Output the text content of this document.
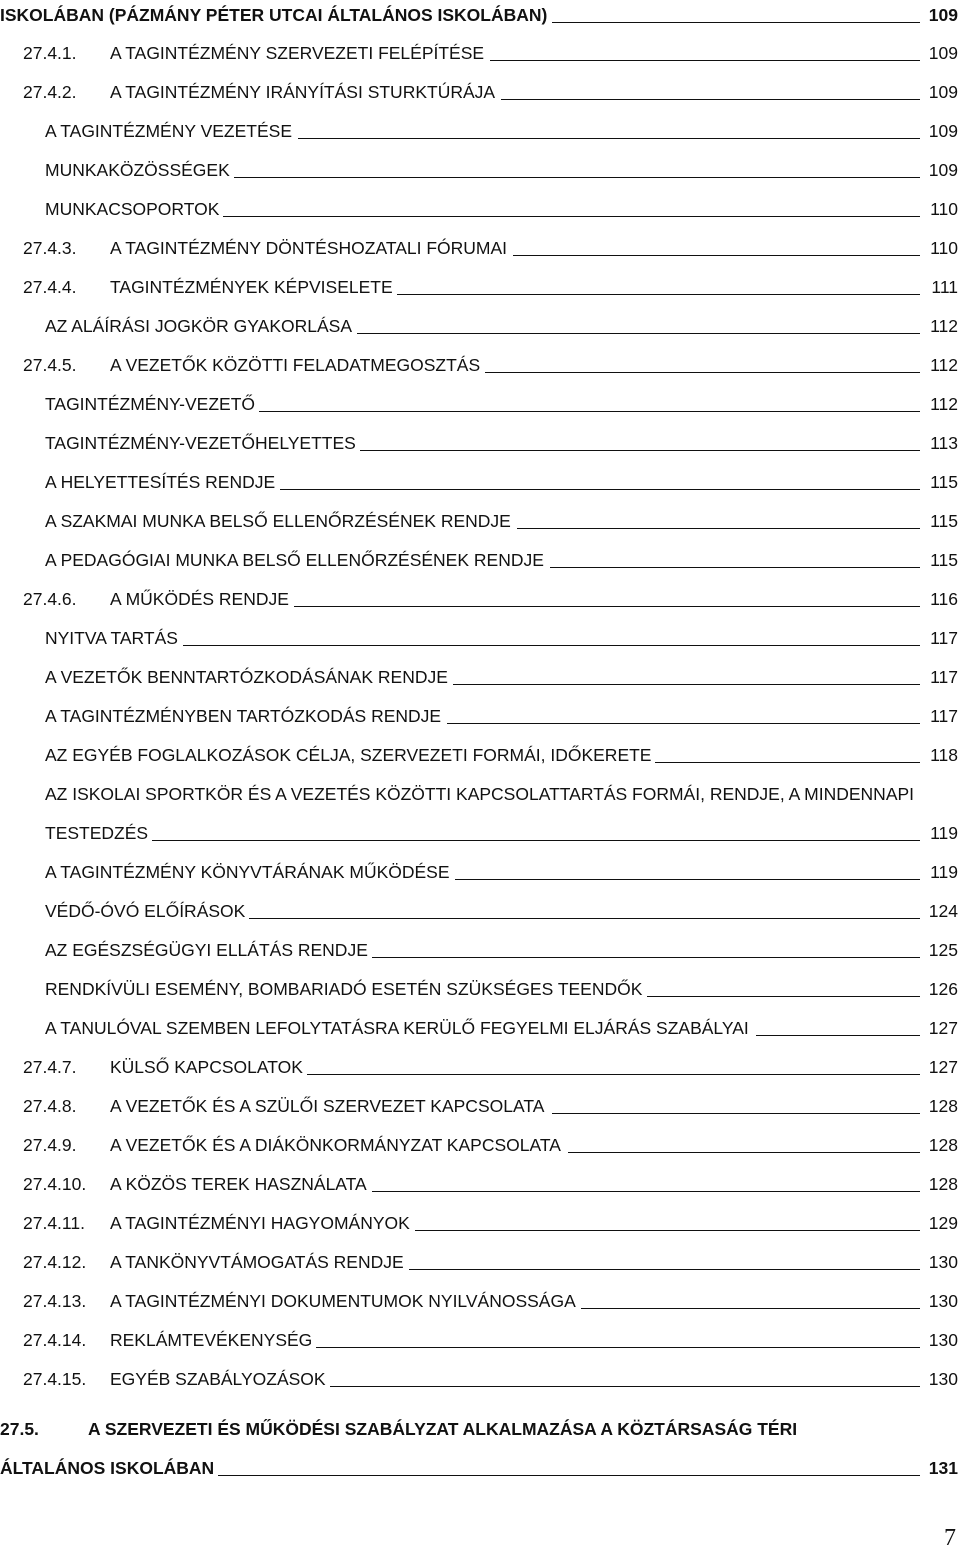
ISKOLÁBAN (PÁZMÁNY PÉTER UTCAI ÁLTALÁNOS ISKOLÁBAN)	109
27.4.1. A TAGINTÉZMÉNY SZERVEZETI FELÉPÍTÉSE	109
27.4.2. A TAGINTÉZMÉNY IRÁNYÍTÁSI STURKTÚRÁJA	109
A TAGINTÉZMÉNY VEZETÉSE	109
MUNKAKÖZÖSSÉGEK	109
MUNKACSOPORTOK	110
27.4.3. A TAGINTÉZMÉNY DÖNTÉSHOZATALI FÓRUMAI	110
27.4.4. TAGINTÉZMÉNYEK KÉPVISELETE	111
AZ ALÁÍRÁSI JOGKÖR GYAKORLÁSA	112
27.4.5. A VEZETŐK KÖZÖTTI FELADATMEGOSZTÁS	112
TAGINTÉZMÉNY-VEZETŐ	112
TAGINTÉZMÉNY-VEZETŐHELYETTES	113
A HELYETTESÍTÉS RENDJE	115
A SZAKMAI MUNKA BELSŐ ELLENŐRZÉSÉNEK RENDJE	115
A PEDAGÓGIAI MUNKA BELSŐ ELLENŐRZÉSÉNEK RENDJE	115
27.4.6. A MŰKÖDÉS RENDJE	116
NYITVA TARTÁS	117
A VEZETŐK BENNTARTÓZKODÁSÁNAK RENDJE	117
A TAGINTÉZMÉNYBEN TARTÓZKODÁS RENDJE	117
AZ EGYÉB FOGLALKOZÁSOK CÉLJA, SZERVEZETI FORMÁI, IDŐKERETE	118
AZ ISKOLAI SPORTKÖR ÉS A VEZETÉS KÖZÖTTI KAPCSOLATTARTÁS FORMÁI, RENDJE, A MINDENNAPI
TESTEDZÉS	119
A TAGINTÉZMÉNY KÖNYVTÁRÁNAK MŰKÖDÉSE	119
VÉDŐ-ÓVÓ ELŐÍRÁSOK	124
AZ EGÉSZSÉGÜGYI ELLÁTÁS RENDJE	125
RENDKÍVÜLI ESEMÉNY, BOMBARIADÓ ESETÉN SZÜKSÉGES TEENDŐK	126
A TANULÓVAL SZEMBEN LEFOLYTATÁSRA KERÜLŐ FEGYELMI ELJÁRÁS SZABÁLYAI	127
27.4.7. KÜLSŐ KAPCSOLATOK	127
27.4.8. A VEZETŐK ÉS A SZÜLŐI SZERVEZET KAPCSOLATA	128
27.4.9. A VEZETŐK ÉS A DIÁKÖNKORMÁNYZAT KAPCSOLATA	128
27.4.10. A KÖZÖS TEREK HASZNÁLATA	128
27.4.11. A TAGINTÉZMÉNYI HAGYOMÁNYOK	129
27.4.12. A TANKÖNYVTÁMOGATÁS RENDJE	130
27.4.13. A TAGINTÉZMÉNYI DOKUMENTUMOK NYILVÁNOSSÁGA	130
27.4.14. REKLÁMTEVÉKENYSÉG	130
27.4.15. EGYÉB SZABÁLYOZÁSOK	130
27.5.	A SZERVEZETI ÉS MŰKÖDÉSI SZABÁLYZAT ALKALMAZÁSA A KÖZTÁRSASÁG TÉRI
ÁLTALÁNOS ISKOLÁBAN	131
7
